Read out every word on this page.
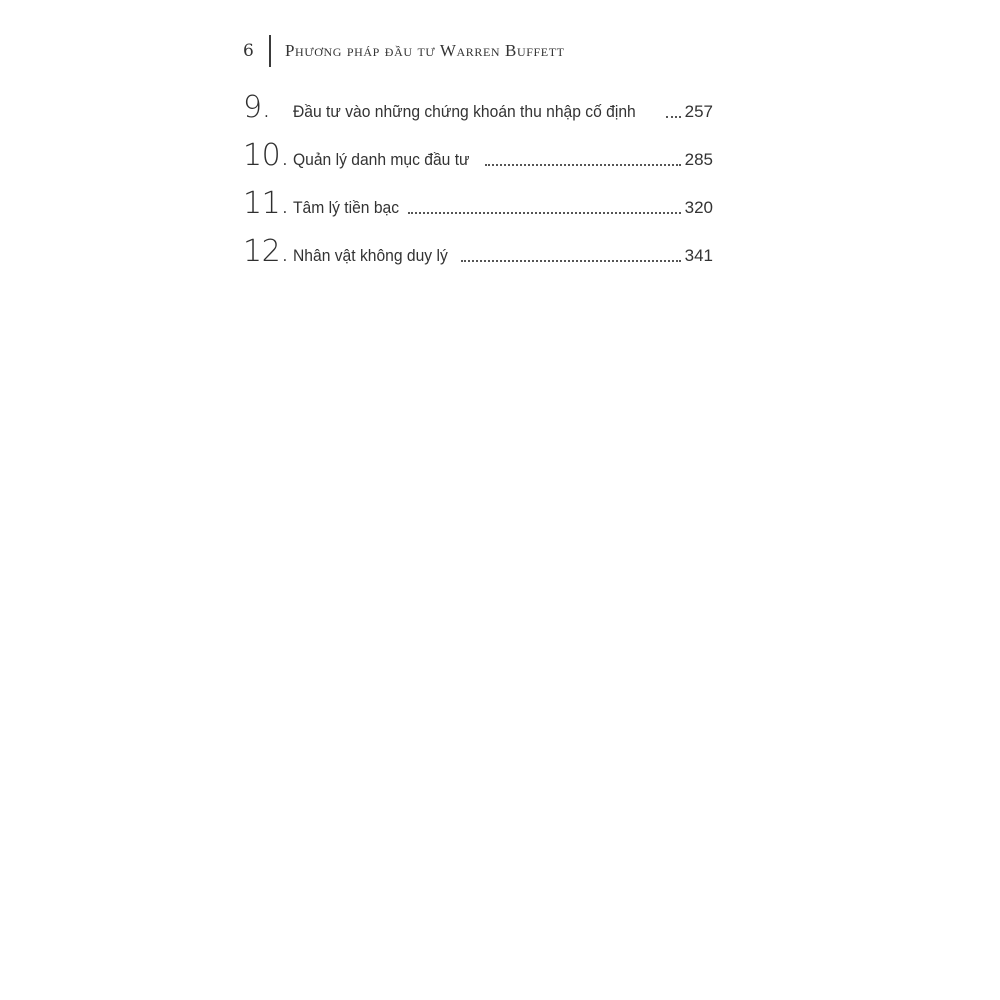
6	Phương pháp đầu tư Warren Buffett
9.	Đầu tư vào những chứng khoán thu nhập cố định	257
10. Quản lý danh mục đầu tư	285
11. Tâm lý tiền bạc	320
12. Nhân vật không duy lý	341
